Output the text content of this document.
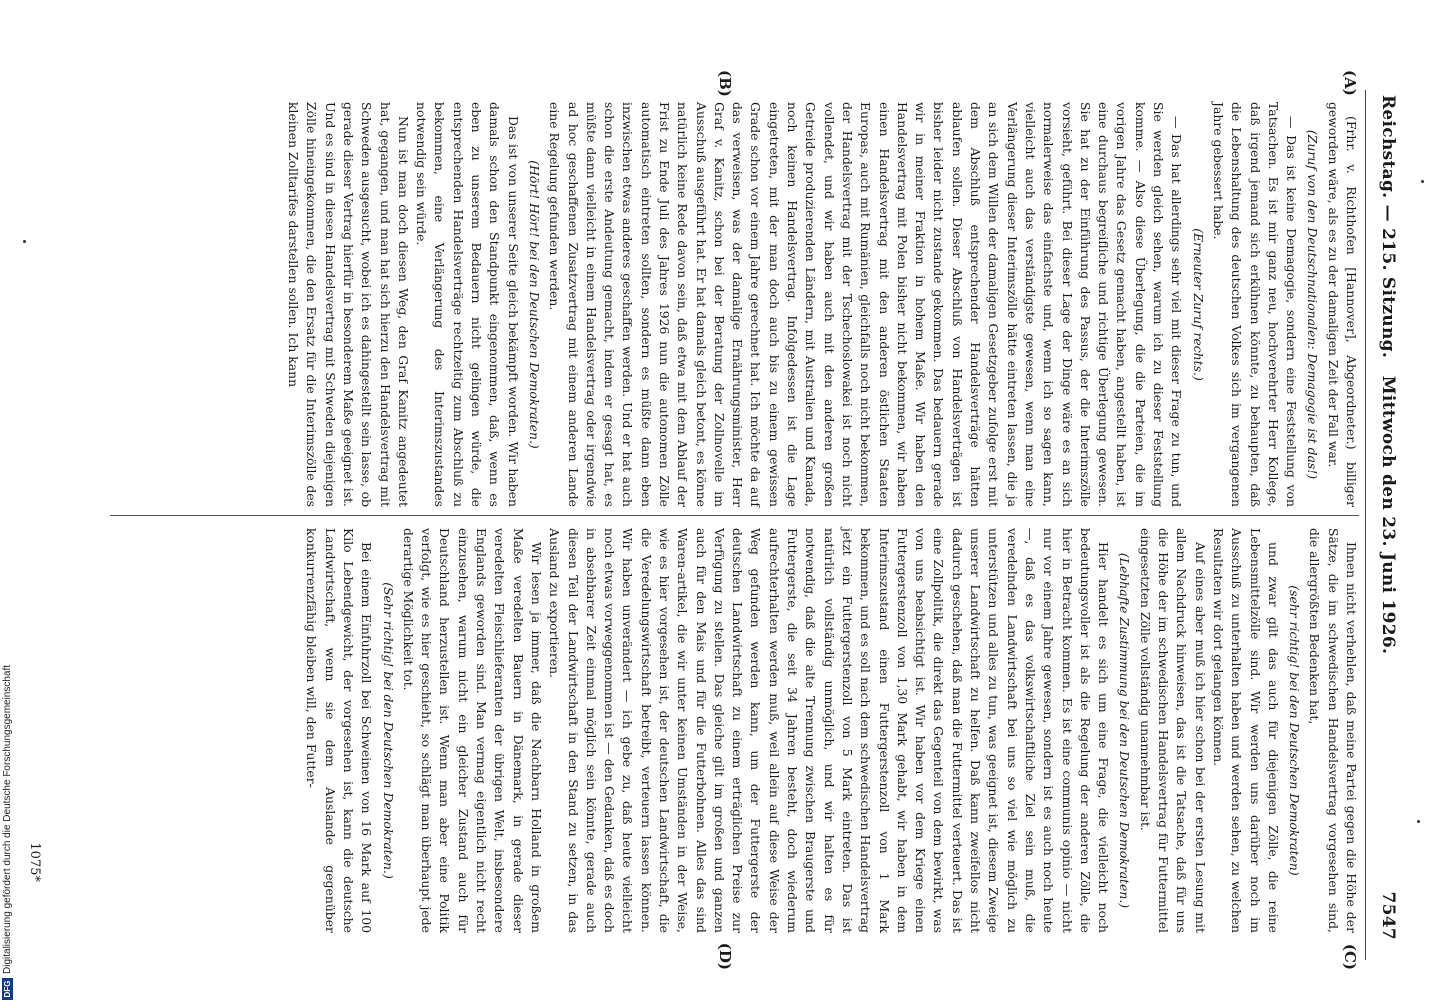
Reichstag. — 215. Sitzung.
Mittwoch den 23. Juni 1926.
7547
(A)
(B)
(C)
(D)

(Frhr. v. Richthofen [Hannover], Abgeordneter.) billiger geworden wäre, als es zu der damaligen Zeit der Fall war.

(Zuruf von den Deutschnationalen: Demagogie ist das!)

— Das ist keine Demagogie, sondern eine Feststellung von Tatsachen. Es ist mir ganz neu, hochverehrter Herr Kollege, daß irgend jemand sich erkühnen könnte, zu behaupten, daß die Lebenshaltung des deutschen Volkes sich im vergangenen Jahre gebessert habe.

(Erneuter Zuruf rechts.)

— Das hat allerdings sehr viel mit dieser Frage zu tun, und Sie werden gleich sehen, warum ich zu dieser Feststellung komme. — Also diese Überlegung, die die Parteien, die im vorigen Jahre das Gesetz gemacht haben, angestellt haben, ist eine durchaus begreifliche und richtige Überlegung gewesen. Sie hat zu der Einführung des Passus, der die Interimszölle vorsieht, geführt. Bei dieser Lage der Dinge wäre es an sich normalerweise das einfachste und, wenn ich so sagen kann, vielleicht auch das verständigste gewesen, wenn man eine Verlängerung dieser Interimszölle hätte eintreten lassen, die ja an sich dem Willen der damaligen Gesetzgeber zufolge erst mit dem Abschluß entsprechender Handelsverträge hätten ablaufen sollen. Dieser Abschluß von Handelsverträgen ist bisher leider nicht zustande gekommen. Das bedauern gerade wir in meiner Fraktion in hohem Maße. Wir haben den Handelsvertrag mit Polen bisher nicht bekommen, wir haben einen Handelsvertrag mit den anderen östlichen Staaten Europas, auch mit Rumänien, gleichfalls noch nicht bekommen, der Handelsvertrag mit der Tschechoslowakei ist noch nicht vollendet, und wir haben auch mit den anderen großen Getreide produzierenden Ländern, mit Australien und Kanada, noch keinen Handelsvertrag. Infolgedessen ist die Lage eingetreten, mit der man doch auch bis zu einem gewissen Grade schon vor einem Jahre gerechnet hat. Ich möchte da auf das verweisen, was der damalige Ernährungsminister, Herr Graf v. Kanitz, schon bei der Beratung der Zollnovelle im Ausschuß ausgeführt hat. Er hat damals gleich betont, es könne natürlich keine Rede davon sein, daß etwa mit dem Ablauf der Frist zu Ende Juli des Jahres 1926 nun die autonomen Zölle automatisch eintreten sollten, sondern es müßte dann eben inzwischen etwas anderes geschaffen werden. Und er hat auch schon die erste Andeutung gemacht, indem er gesagt hat, es müßte dann vielleicht in einem Handelsvertrag oder irgendwie ad hoc geschaffenen Zusatzvertrag mit einem anderen Lande eine Regelung gefunden werden.

(Hört! Hört! bei den Deutschen Demokraten.)

Das ist von unserer Seite gleich bekämpft worden. Wir haben damals schon den Standpunkt eingenommen, daß, wenn es eben zu unserem Bedauern nicht gelingen würde, die entsprechenden Handelsverträge rechtzeitig zum Abschluß zu bekommen, eine Verlängerung des Interimszustandes notwendig sein würde.

Nun ist man doch diesen Weg, den Graf Kanitz angedeutet hat, gegangen, und man hat sich hierzu den Handelsvertrag mit Schweden ausgesucht, wobei ich es dahingestellt sein lasse, ob gerade dieser Vertrag hierfür in besonderem Maße geeignet ist. Und es sind in diesen Handelsvertrag mit Schweden diejenigen Zölle hineingekommen, die den Ersatz für die Interimszölle des kleinen Zolltarifes darstellen sollen. Ich kann

Ihnen nicht verhehlen, daß meine Partei gegen die Höhe der Sätze, die im schwedischen Handelsvertrag vorgesehen sind, die allergrößten Bedenken hat,

(sehr richtig! bei den Deutschen Demokraten)

und zwar gilt das auch für diejenigen Zölle, die reine Lebensmittelzölle sind. Wir werden uns darüber noch im Ausschuß zu unterhalten haben und werden sehen, zu welchen Resultaten wir dort gelangen können.

Auf eines aber muß ich hier schon bei der ersten Lesung mit allem Nachdruck hinweisen, das ist die Tatsache, daß für uns die Höhe der im schwedischen Handelsvertrag für Futtermittel eingesetzten Zölle vollständig unannehmbar ist.

(Lebhafte Zustimmung bei den Deutschen Demokraten.)

Hier handelt es sich um eine Frage, die vielleicht noch bedeutungsvoller ist als die Regelung der anderen Zölle, die hier in Betracht kommen. Es ist eine communis opinio — nicht nur vor einem Jahre gewesen, sondern ist es auch noch heute —, daß es das volkswirtschaftliche Ziel sein muß, die veredelnden Landwirtschaft bei uns so viel wie möglich zu unterstützen und alles zu tun, was geeignet ist, diesem Zweige unserer Landwirtschaft zu helfen. Daß kann zweifellos nicht dadurch geschehen, daß man die Futtermittel verteuert. Das ist eine Zollpolitik, die direkt das Gegenteil von dem bewirkt, was von uns beabsichtigt ist. Wir haben vor dem Kriege einen Futtergerstenzoll von 1,30 Mark gehabt, wir haben in dem Interimszustand einen Futtergerstenzoll von 1 Mark bekommen, und es soll nach dem schwedischen Handelsvertrag jetzt ein Futtergerstenzoll von 5 Mark eintreten. Das ist natürlich vollständig unmöglich, und wir halten es für notwendig, daß die alte Trennung zwischen Braugerste und Futtergerste, die seit 34 Jahren besteht, doch wiederum aufrechterhalten werden muß, weil allein auf diese Weise der Weg gefunden werden kann, um der Futtergerste der deutschen Landwirtschaft zu einem erträglichen Preise zur Verfügung zu stellen. Das gleiche gilt im großen und ganzen auch für den Mais und für die Futterbohnen. Alles das sind Waren-artikel, die wir unter keinen Umständen in der Weise, wie es hier vorgesehen ist, der deutschen Landwirtschaft, die die Veredelungswirtschaft betreibt, verteuern lassen können. Wir haben unverändert — ich gebe zu, daß heute vielleicht noch etwas vorweggenommen ist — den Gedanken, daß es doch in absehbarer Zeit einmal möglich sein könnte, gerade auch diesen Teil der Landwirtschaft in den Stand zu setzen, in das Ausland zu exportieren.

Wir lesen ja immer, daß die Nachbarn Holland in großem Maße veredelten Bauern in Dänemark, in gerade dieser veredelten Fleischlieferanten der übrigen Welt, insbesondere Englands geworden sind. Man vermag eigentlich nicht recht einzusehen, warum nicht ein gleicher Zustand auch für Deutschland herzustellen ist. Wenn man aber eine Politik verfolgt, wie es hier geschieht, so schlägt man überhaupt jede derartige Möglichkeit tot.

(Sehr richtig! bei den Deutschen Demokraten.)

Bei einem Einfuhrzoll bei Schweinen von 16 Mark auf 100 Kilo Lebendgewicht, der vorgesehen ist, kann die deutsche Landwirtschaft, wenn sie dem Auslande gegenüber konkurrenzfähig bleiben will, den Futter-

1075*
DFG
Digitalisierung gefördert durch die Deutsche Forschungsgemeinschaft
